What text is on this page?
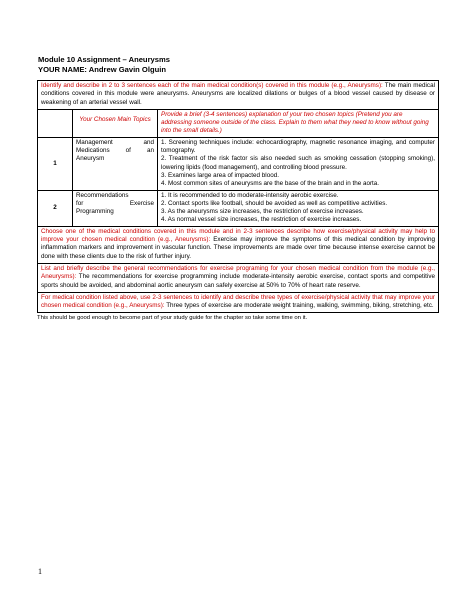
Module 10 Assignment – Aneurysms
YOUR NAME: Andrew Gavin Olguin
Identify and describe in 2 to 3 sentences each of the main medical condition(s) covered in this module (e.g., Aneurysms): The main medical conditions covered in this module were aneurysms. Aneurysms are localized dilations or bulges of a blood vessel caused by disease or weakening of an arterial vessel wall.
Your Chosen Main Topics
Provide a brief (3-4 sentences) explanation of your two chosen topics (Pretend you are addressing someone outside of the class. Explain to them what they need to know without going into the small details.)
1
Management and
Medications of an
Aneurysm
1. Screening techniques include: echocardiography, magnetic resonance imaging, and computer tomography.
2. Treatment of the risk factor sis also needed such as smoking cessation (stopping smoking), lowering lipids (food management), and controlling blood pressure.
3. Examines large area of impacted blood.
4. Most common sites of aneurysms are the base of the brain and in the aorta.
2
Recommendations
for Exercise
Programming
1. It is recommended to do moderate-intensity aerobic exercise.
2. Contact sports like football, should be avoided as well as competitive activities.
3. As the aneurysms size increases, the restriction of exercise increases.
4. As normal vessel size increases, the restriction of exercise increases.
Choose one of the medical conditions covered in this module and in 2-3 sentences describe how exercise/physical activity may help to improve your chosen medical condition (e.g., Aneurysms): Exercise may improve the symptoms of this medical condition by improving inflammation markers and improvement in vascular function. These improvements are made over time because intense exercise cannot be done with these clients due to the risk of further injury.
List and briefly describe the general recommendations for exercise programing for your chosen medical condition from the module (e.g., Aneurysms): The recommendations for exercise programming include moderate-intensity aerobic exercise, contact sports and competitive sports should be avoided, and abdominal aortic aneurysm can safely exercise at 50% to 70% of heart rate reserve.
For medical condition listed above, use 2-3 sentences to identify and describe three types of exercise/physical activity that may improve your chosen medical condition (e.g., Aneurysms): Three types of exercise are moderate weight training, walking, swimming, biking, stretching, etc.
This should be good enough to become part of your study guide for the chapter so take some time on it.
1
